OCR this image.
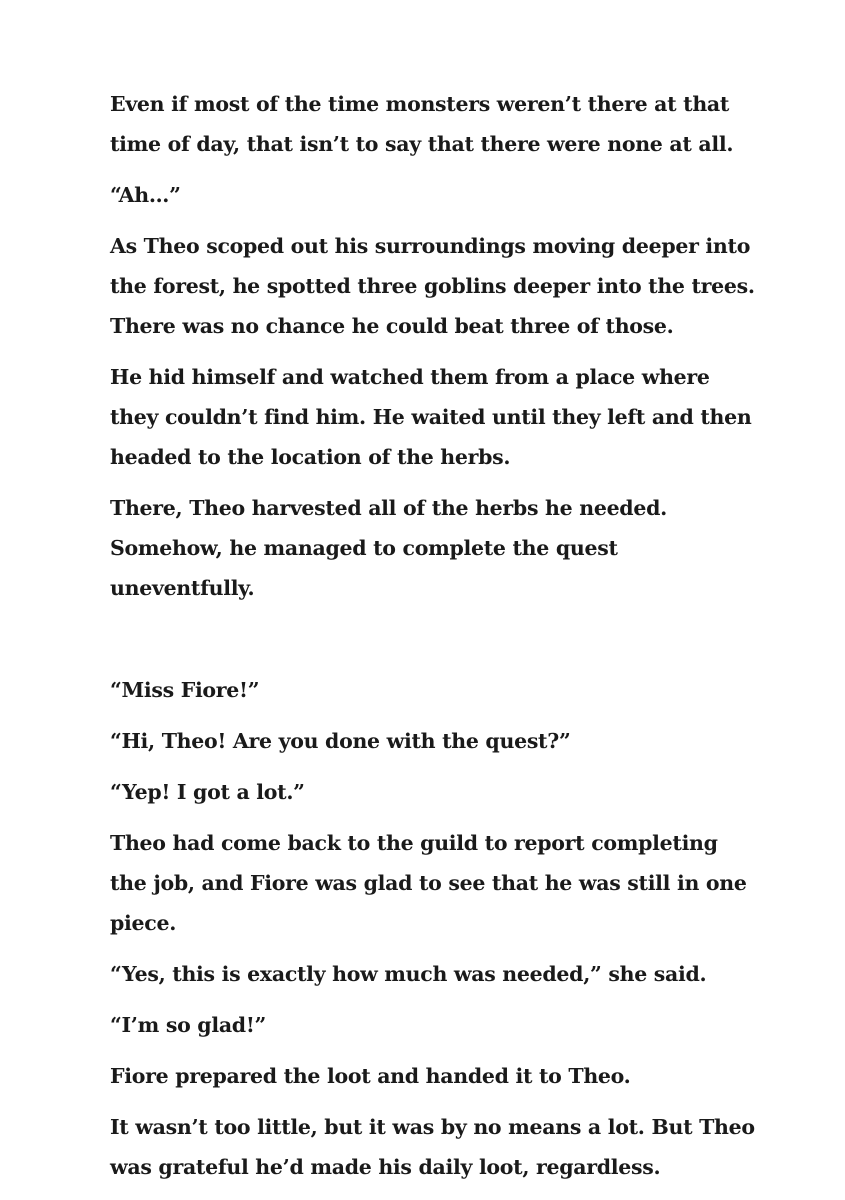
Even if most of the time monsters weren’t there at that time of day, that isn’t to say that there were none at all.

“Ah…”

As Theo scoped out his surroundings moving deeper into the forest, he spotted three goblins deeper into the trees. There was no chance he could beat three of those.

He hid himself and watched them from a place where they couldn’t find him. He waited until they left and then headed to the location of the herbs.

There, Theo harvested all of the herbs he needed. Somehow, he managed to complete the quest uneventfully.

“Miss Fiore!”

“Hi, Theo! Are you done with the quest?”

“Yep! I got a lot.”

Theo had come back to the guild to report completing the job, and Fiore was glad to see that he was still in one piece.

“Yes, this is exactly how much was needed,” she said.

“I’m so glad!”

Fiore prepared the loot and handed it to Theo.

It wasn’t too little, but it was by no means a lot. But Theo was grateful he’d made his daily loot, regardless.
